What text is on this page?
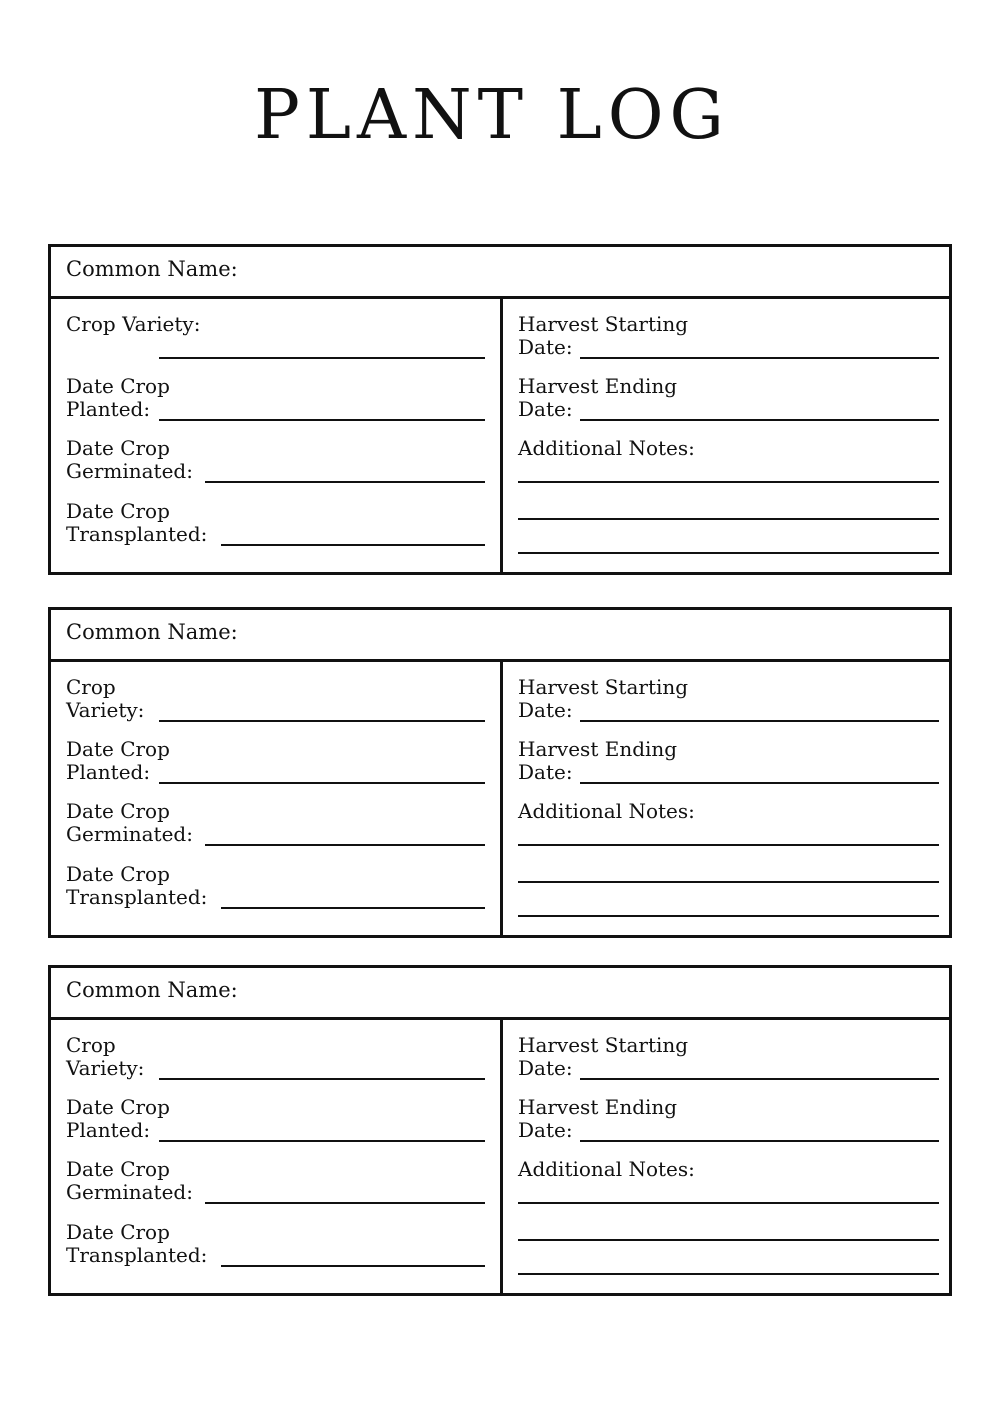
PLANT LOG
Common Name:
Crop Variety:
Date Crop
Planted:
Date Crop
Germinated:
Date Crop
Transplanted:
Harvest Starting
Date:
Harvest Ending
Date:
Additional Notes:
Common Name:
Crop
Variety:
Date Crop
Planted:
Date Crop
Germinated:
Date Crop
Transplanted:
Harvest Starting
Date:
Harvest Ending
Date:
Additional Notes:
Common Name:
Crop
Variety:
Date Crop
Planted:
Date Crop
Germinated:
Date Crop
Transplanted:
Harvest Starting
Date:
Harvest Ending
Date:
Additional Notes:
